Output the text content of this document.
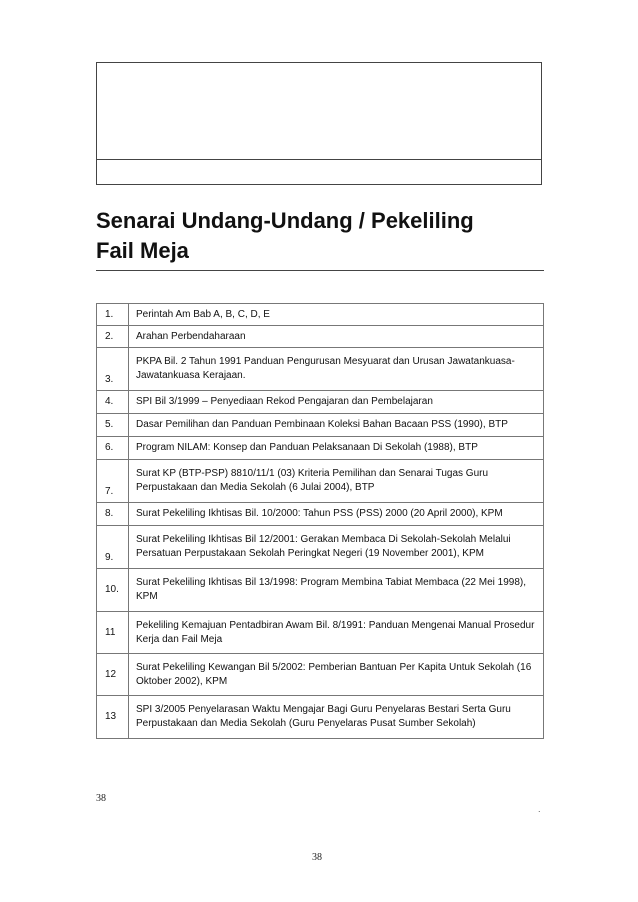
Senarai Undang-Undang / Pekeliling
Fail Meja
1.	Perintah Am Bab A, B, C, D, E
2.	Arahan Perbendaharaan
3.	PKPA Bil. 2 Tahun 1991 Panduan Pengurusan Mesyuarat dan Urusan Jawatankuasa-Jawatankuasa Kerajaan.
4.	SPI Bil 3/1999 – Penyediaan Rekod Pengajaran dan Pembelajaran
5.	Dasar Pemilihan dan Panduan Pembinaan Koleksi Bahan Bacaan PSS (1990), BTP
6.	Program NILAM: Konsep dan Panduan Pelaksanaan Di Sekolah (1988), BTP
7.	Surat KP (BTP-PSP) 8810/11/1 (03) Kriteria Pemilihan dan Senarai Tugas Guru Perpustakaan dan Media Sekolah (6 Julai 2004), BTP
8.	Surat Pekeliling Ikhtisas Bil. 10/2000: Tahun PSS (PSS) 2000 (20 April 2000), KPM
9.	Surat Pekeliling Ikhtisas Bil 12/2001: Gerakan Membaca Di Sekolah-Sekolah Melalui Persatuan Perpustakaan Sekolah Peringkat Negeri (19 November 2001), KPM
10.	Surat Pekeliling Ikhtisas Bil 13/1998: Program Membina Tabiat Membaca (22 Mei 1998), KPM
11	Pekeliling Kemajuan Pentadbiran Awam Bil. 8/1991: Panduan Mengenai Manual Prosedur Kerja dan Fail Meja
12	Surat Pekeliling Kewangan Bil 5/2002: Pemberian Bantuan Per Kapita Untuk Sekolah (16 Oktober 2002), KPM
13	SPI 3/2005 Penyelarasan Waktu Mengajar Bagi Guru Penyelaras Bestari Serta Guru Perpustakaan dan Media Sekolah (Guru Penyelaras Pusat Sumber Sekolah)
38
.
38
